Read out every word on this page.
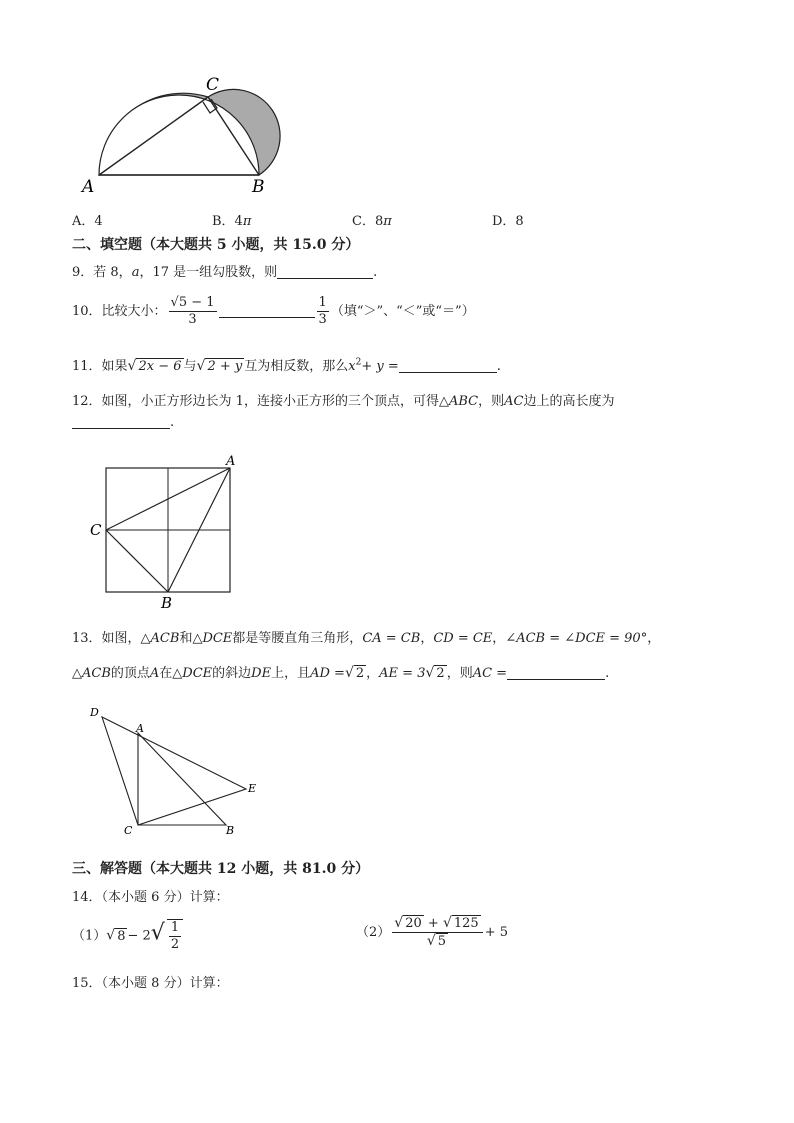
C
A	B
A．4	B．4π	C．8π	D．8
二、填空题（本大题共 5 小题，共 15.0 分）
9．若 8，a，17 是一组勾股数，则	.
10．比较大小： $\frac{√5 - 1}{3}$	$\frac{1}{3}$ （填“＞”、“＜”或“＝”）
11．如果√ 2x − 6 与√ 2 + y 互为相反数，那么$x^2+ y$ =	.
12．如图，小正方形边长为 1，连接小正方形的三个顶点，可得△ABC，则AC边上的高长度为
.
A
C
B
13．如图，△ACB和△DCE都是等腰直角三角形，CA = CB，CD = CE，∠ACB = ∠DCE = 90°，
△ACB的顶点A在△DCE的斜边DE上，且AD =√ 2 ，AE = 3√ 2 ，则AC =	.
D
A
E
C	B
三、解答题（本大题共 12 小题，共 81.0 分）
14．（本小题 6 分）计算：
（1）√ $8 - 2√ \frac{1}{2}$	$(2) \frac{√ 20 + √ 125}{√ 5} + 5$
15．（本小题 8 分）计算：
